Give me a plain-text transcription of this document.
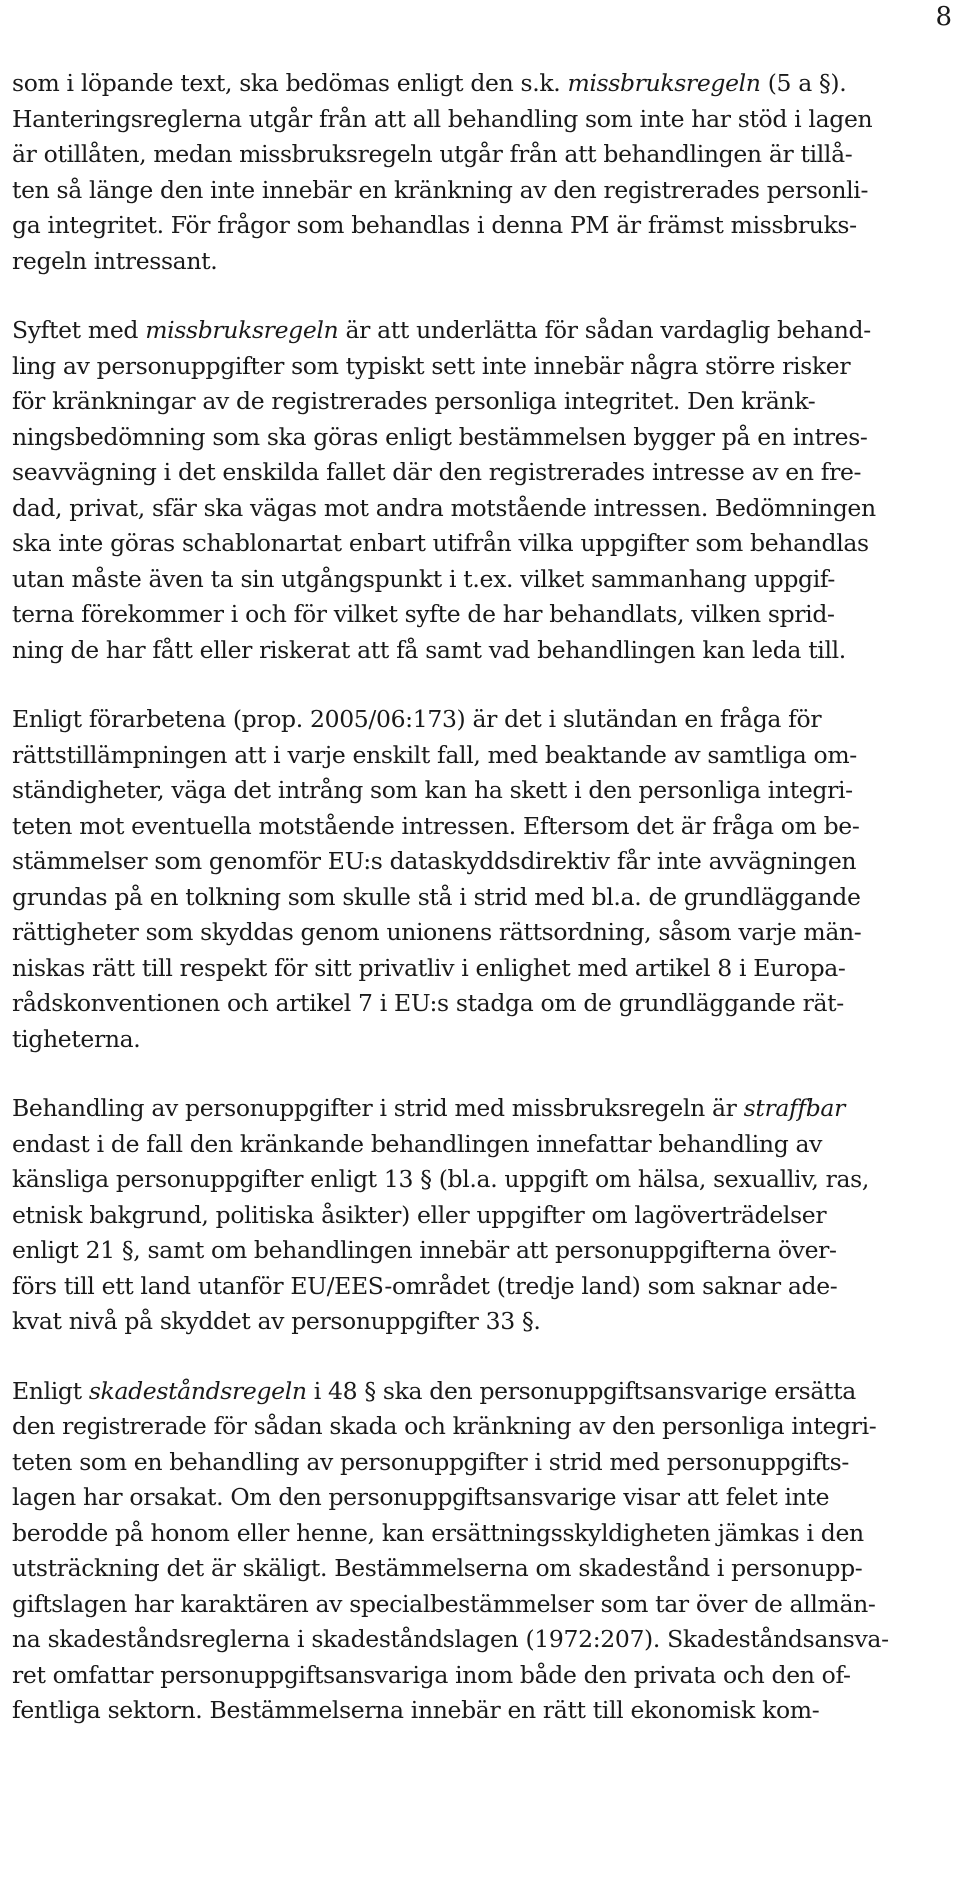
8

som i löpande text, ska bedömas enligt den s.k. missbruksregeln (5 a §).
Hanteringsreglerna utgår från att all behandling som inte har stöd i lagen
är otillåten, medan missbruksregeln utgår från att behandlingen är tillå-
ten så länge den inte innebär en kränkning av den registrerades personli-
ga integritet. För frågor som behandlas i denna PM är främst missbruks-
regeln intressant.

Syftet med missbruksregeln är att underlätta för sådan vardaglig behand-
ling av personuppgifter som typiskt sett inte innebär några större risker
för kränkningar av de registrerades personliga integritet. Den kränk-
ningsbedömning som ska göras enligt bestämmelsen bygger på en intres-
seavvägning i det enskilda fallet där den registrerades intresse av en fre-
dad, privat, sfär ska vägas mot andra motstående intressen. Bedömningen
ska inte göras schablonartat enbart utifrån vilka uppgifter som behandlas
utan måste även ta sin utgångspunkt i t.ex. vilket sammanhang uppgif-
terna förekommer i och för vilket syfte de har behandlats, vilken sprid-
ning de har fått eller riskerat att få samt vad behandlingen kan leda till.

Enligt förarbetena (prop. 2005/06:173) är det i slutändan en fråga för
rättstillämpningen att i varje enskilt fall, med beaktande av samtliga om-
ständigheter, väga det intrång som kan ha skett i den personliga integri-
teten mot eventuella motstående intressen. Eftersom det är fråga om be-
stämmelser som genomför EU:s dataskyddsdirektiv får inte avvägningen
grundas på en tolkning som skulle stå i strid med bl.a. de grundläggande
rättigheter som skyddas genom unionens rättsordning, såsom varje män-
niskas rätt till respekt för sitt privatliv i enlighet med artikel 8 i Europa-
rådskonventionen och artikel 7 i EU:s stadga om de grundläggande rät-
tigheterna.

Behandling av personuppgifter i strid med missbruksregeln är straffbar
endast i de fall den kränkande behandlingen innefattar behandling av
känsliga personuppgifter enligt 13 § (bl.a. uppgift om hälsa, sexualliv, ras,
etnisk bakgrund, politiska åsikter) eller uppgifter om lagöverträdelser
enligt 21 §, samt om behandlingen innebär att personuppgifterna över-
förs till ett land utanför EU/EES-området (tredje land) som saknar ade-
kvat nivå på skyddet av personuppgifter 33 §.

Enligt skadeståndsregeln i 48 § ska den personuppgiftsansvarige ersätta
den registrerade för sådan skada och kränkning av den personliga integri-
teten som en behandling av personuppgifter i strid med personuppgifts-
lagen har orsakat. Om den personuppgiftsansvarige visar att felet inte
berodde på honom eller henne, kan ersättningsskyldigheten jämkas i den
utsträckning det är skäligt. Bestämmelserna om skadestånd i personupp-
giftslagen har karaktären av specialbestämmelser som tar över de allmän-
na skadeståndsreglerna i skadeståndslagen (1972:207). Skadeståndsansva-
ret omfattar personuppgiftsansvariga inom både den privata och den of-
fentliga sektorn. Bestämmelserna innebär en rätt till ekonomisk kom-
